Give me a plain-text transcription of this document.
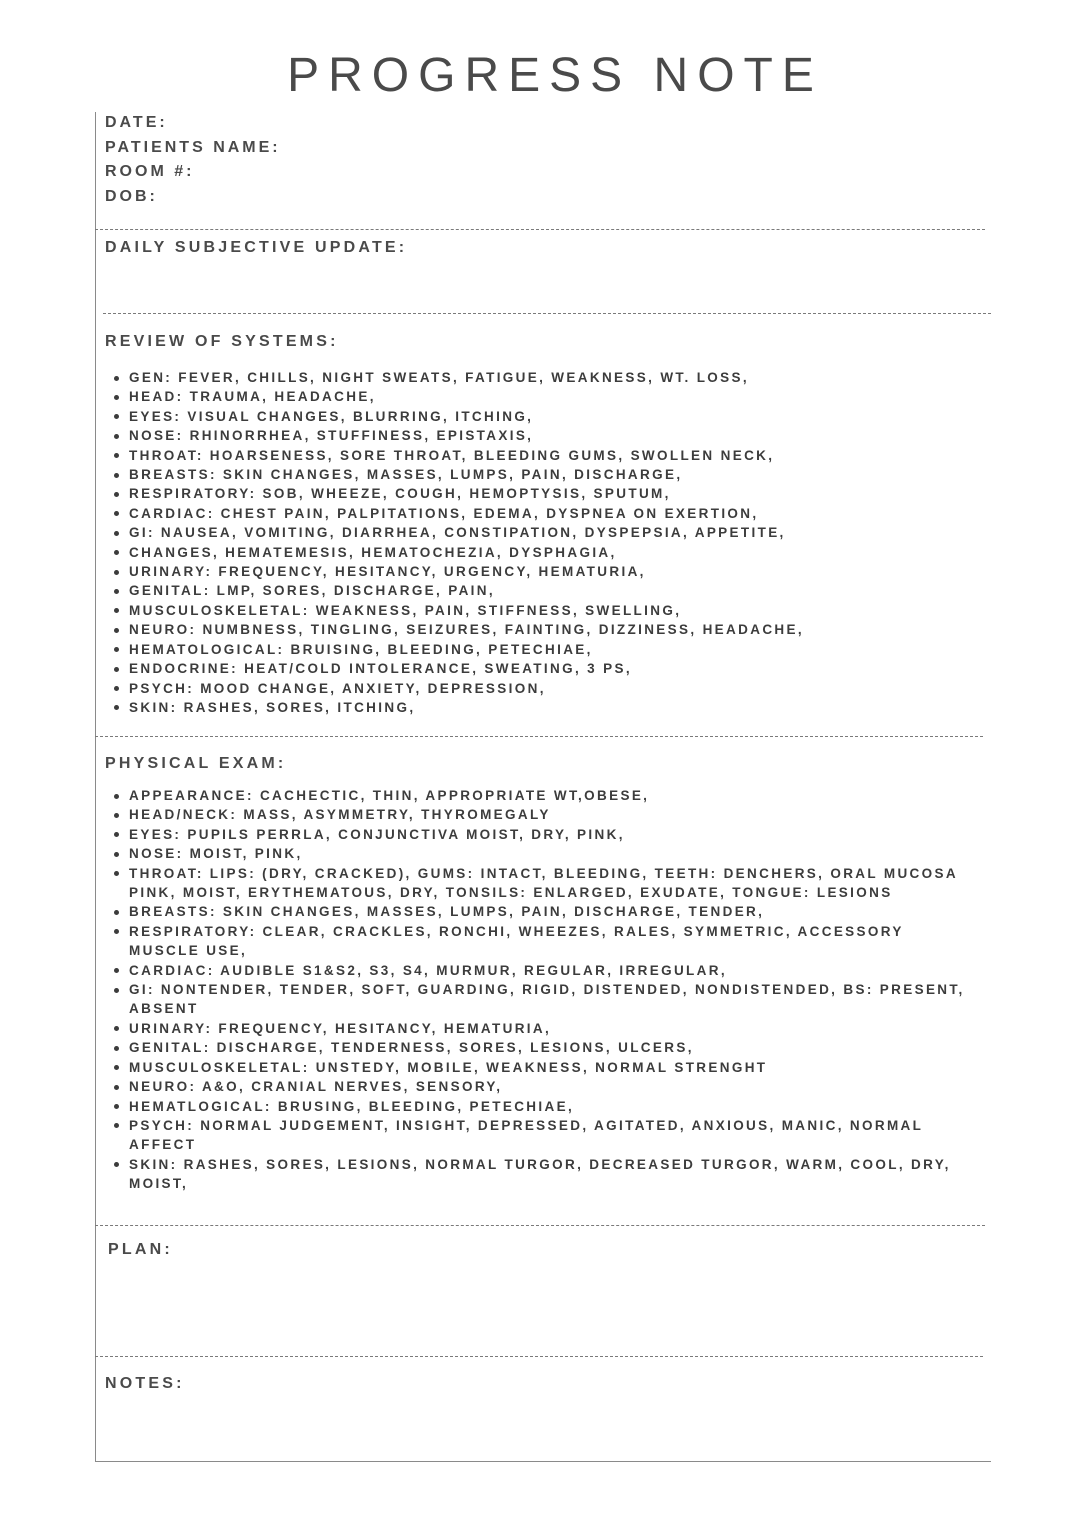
PROGRESS NOTE
DATE:
PATIENTS NAME:
ROOM #:
DOB:
DAILY SUBJECTIVE UPDATE:
REVIEW OF SYSTEMS:
GEN: FEVER, CHILLS, NIGHT SWEATS, FATIGUE, WEAKNESS, WT. LOSS,
HEAD: TRAUMA, HEADACHE,
EYES: VISUAL CHANGES, BLURRING, ITCHING,
NOSE: RHINORRHEA, STUFFINESS, EPISTAXIS,
THROAT: HOARSENESS, SORE THROAT, BLEEDING GUMS, SWOLLEN NECK,
BREASTS: SKIN CHANGES, MASSES, LUMPS, PAIN, DISCHARGE,
RESPIRATORY: SOB, WHEEZE, COUGH, HEMOPTYSIS, SPUTUM,
CARDIAC: CHEST PAIN, PALPITATIONS, EDEMA, DYSPNEA ON EXERTION,
GI: NAUSEA, VOMITING, DIARRHEA, CONSTIPATION, DYSPEPSIA, APPETITE,
CHANGES, HEMATEMESIS, HEMATOCHEZIA, DYSPHAGIA,
URINARY: FREQUENCY, HESITANCY, URGENCY, HEMATURIA,
GENITAL: LMP, SORES, DISCHARGE, PAIN,
MUSCULOSKELETAL: WEAKNESS, PAIN, STIFFNESS, SWELLING,
NEURO: NUMBNESS, TINGLING, SEIZURES, FAINTING, DIZZINESS, HEADACHE,
HEMATOLOGICAL: BRUISING, BLEEDING, PETECHIAE,
ENDOCRINE: HEAT/COLD INTOLERANCE, SWEATING, 3 PS,
PSYCH: MOOD CHANGE, ANXIETY, DEPRESSION,
SKIN: RASHES, SORES, ITCHING,
PHYSICAL EXAM:
APPEARANCE: CACHECTIC, THIN, APPROPRIATE WT,OBESE,
HEAD/NECK: MASS, ASYMMETRY, THYROMEGALY
EYES: PUPILS PERRLA, CONJUNCTIVA MOIST, DRY, PINK,
NOSE: MOIST, PINK,
THROAT: LIPS: (DRY, CRACKED), GUMS: INTACT, BLEEDING, TEETH: DENCHERS, ORAL MUCOSA PINK, MOIST, ERYTHEMATOUS, DRY, TONSILS: ENLARGED, EXUDATE, TONGUE: LESIONS
BREASTS: SKIN CHANGES, MASSES, LUMPS, PAIN, DISCHARGE, TENDER,
RESPIRATORY: CLEAR, CRACKLES, RONCHI, WHEEZES, RALES, SYMMETRIC, ACCESSORY MUSCLE USE,
CARDIAC: AUDIBLE S1&S2, S3, S4, MURMUR, REGULAR, IRREGULAR,
GI: NONTENDER, TENDER, SOFT, GUARDING, RIGID, DISTENDED, NONDISTENDED, BS: PRESENT, ABSENT
URINARY: FREQUENCY, HESITANCY, HEMATURIA,
GENITAL: DISCHARGE, TENDERNESS, SORES, LESIONS, ULCERS,
MUSCULOSKELETAL: UNSTEDY, MOBILE, WEAKNESS, NORMAL STRENGHT
NEURO: A&O, CRANIAL NERVES, SENSORY,
HEMATLOGICAL: BRUSING, BLEEDING, PETECHIAE,
PSYCH: NORMAL JUDGEMENT, INSIGHT, DEPRESSED, AGITATED, ANXIOUS, MANIC, NORMAL AFFECT
SKIN: RASHES, SORES, LESIONS, NORMAL TURGOR, DECREASED TURGOR, WARM, COOL, DRY, MOIST,
PLAN:
NOTES:
